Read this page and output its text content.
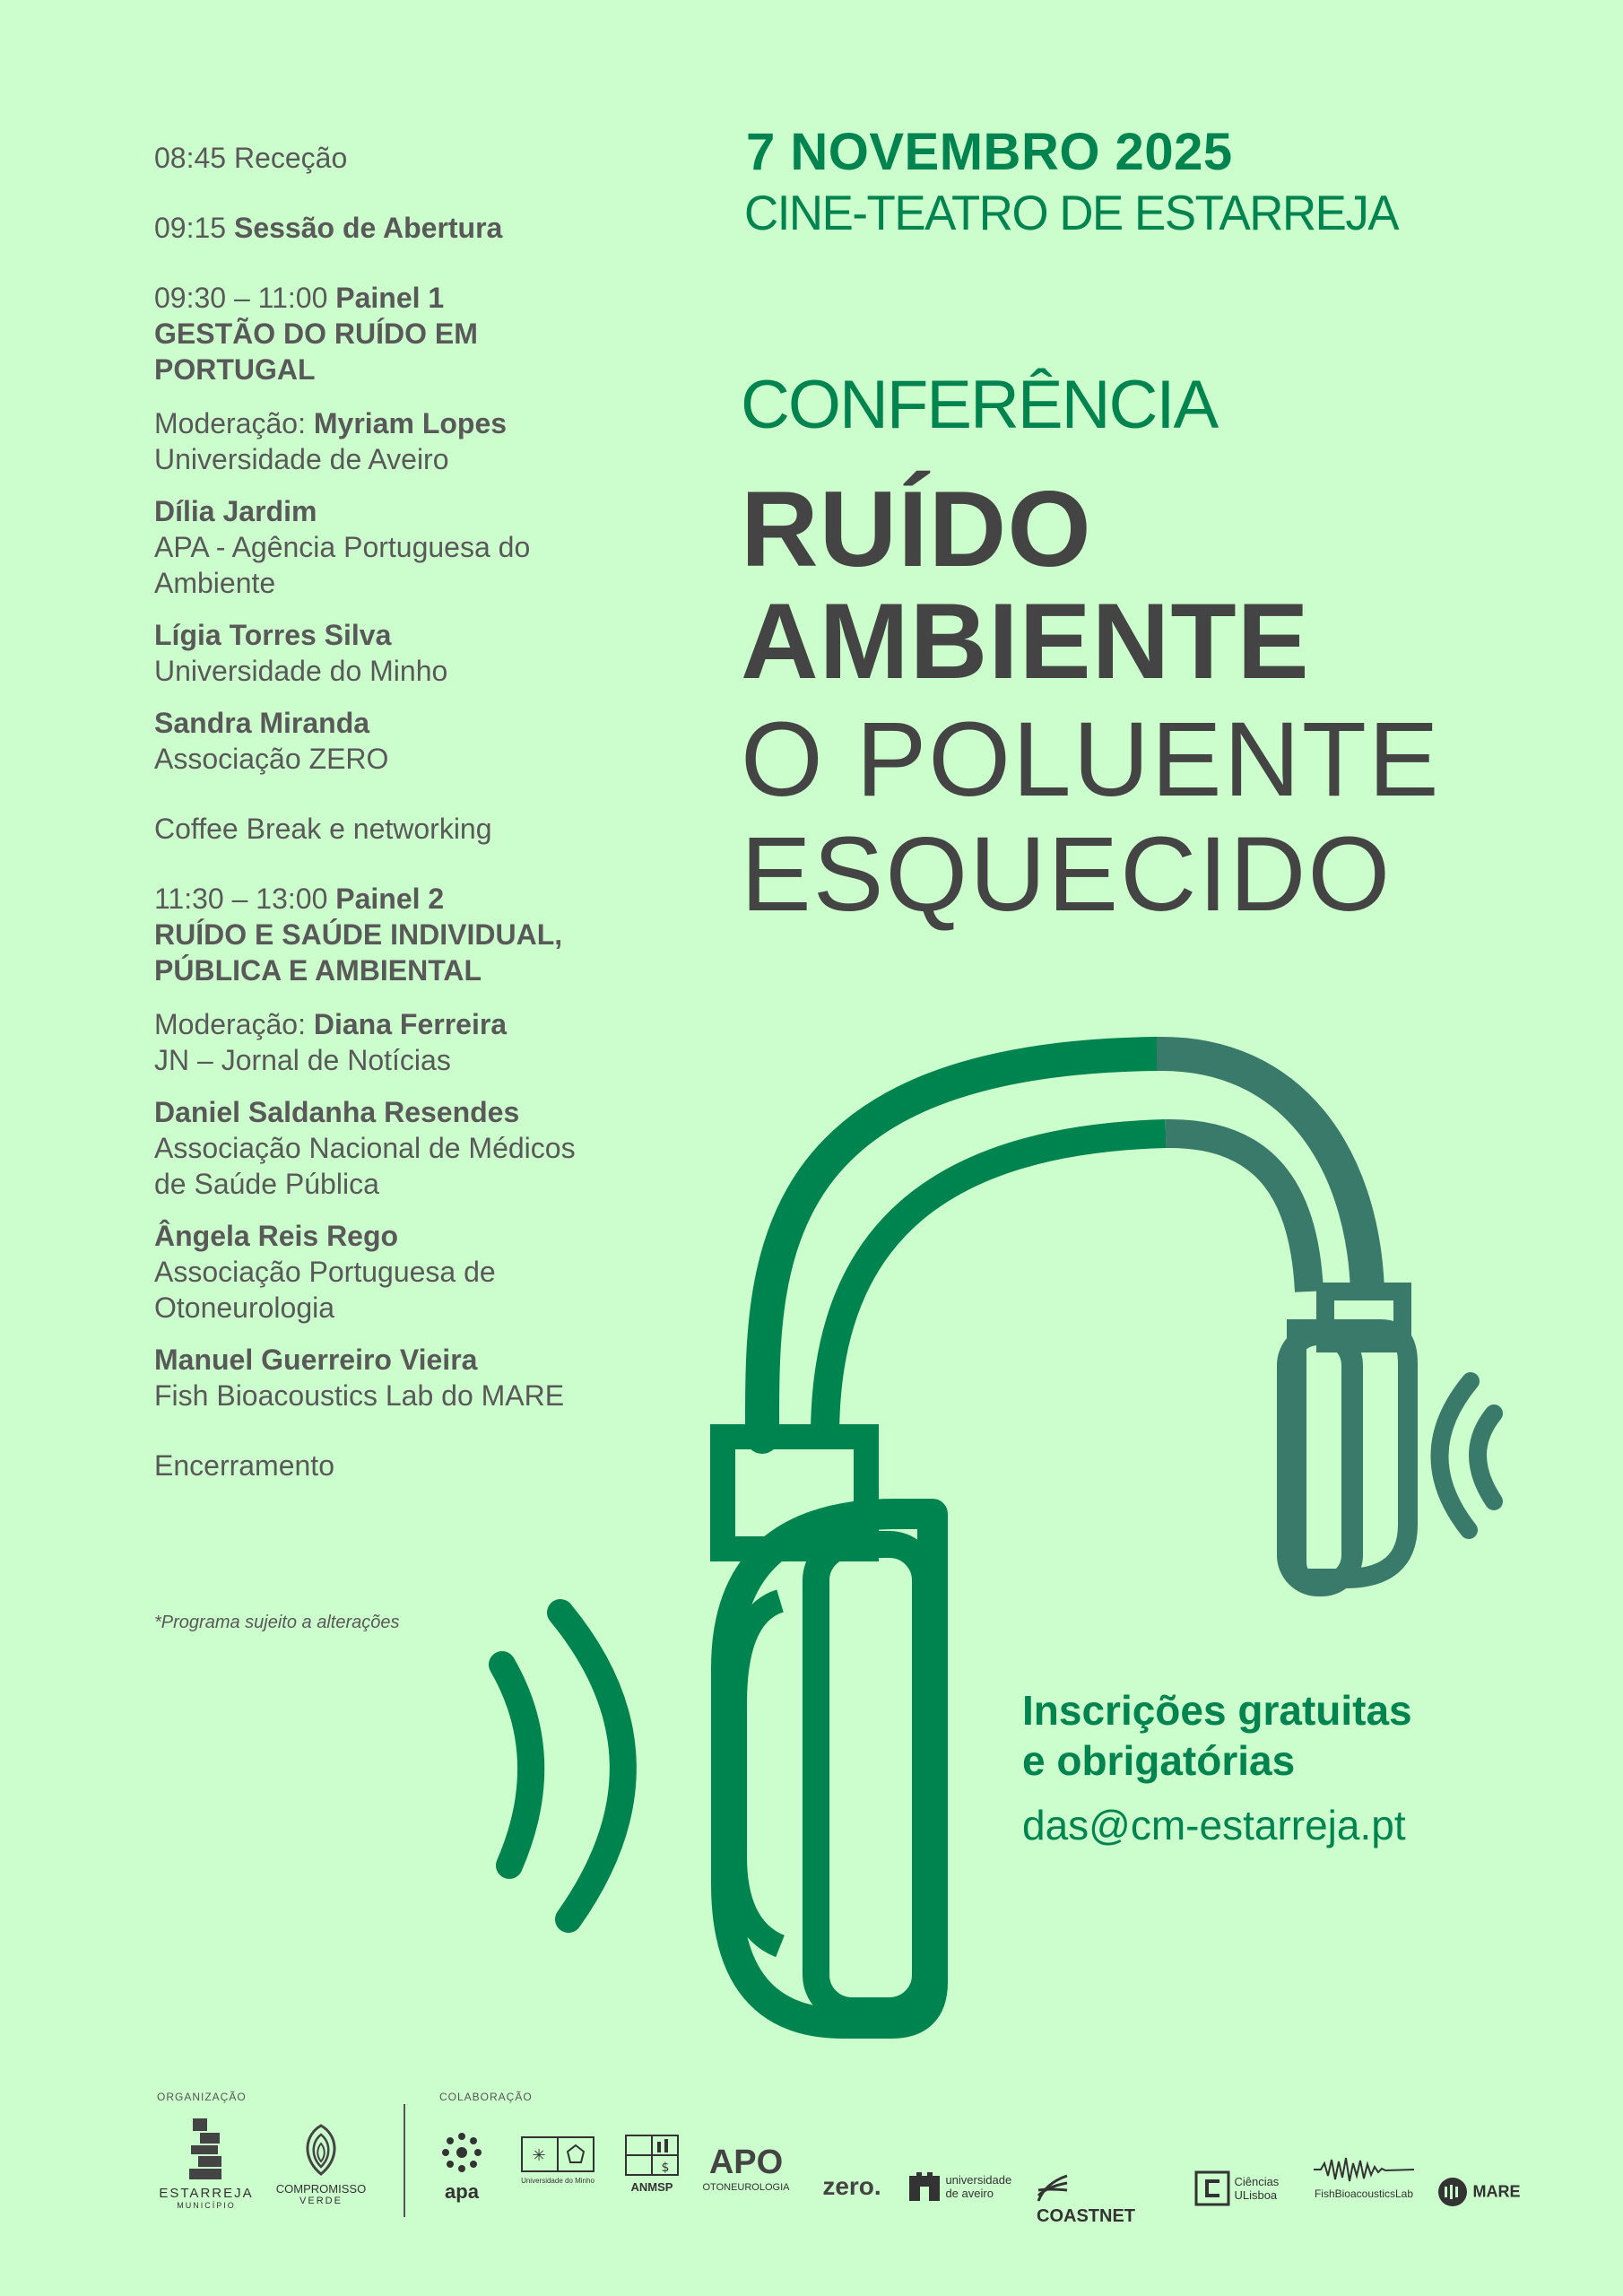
08:45 Receção

09:15 Sessão de Abertura

09:30 – 11:00 Painel 1

GESTÃO DO RUÍDO EM

PORTUGAL

Moderação: Myriam Lopes

Universidade de Aveiro

Dília Jardim

APA - Agência Portuguesa do

Ambiente

Lígia Torres Silva

Universidade do Minho

Sandra Miranda

Associação ZERO

Coffee Break e networking

11:30 – 13:00 Painel 2

RUÍDO E SAÚDE INDIVIDUAL,

PÚBLICA E AMBIENTAL

Moderação: Diana Ferreira

JN – Jornal de Notícias

Daniel Saldanha Resendes

Associação Nacional de Médicos

de Saúde Pública

Ângela Reis Rego

Associação Portuguesa de

Otoneurologia

Manuel Guerreiro Vieira

Fish Bioacoustics Lab do MARE

Encerramento

*Programa sujeito a alterações
7 NOVEMBRO 2025
CINE-TEATRO DE ESTARREJA
CONFERÊNCIA
RUÍDO
AMBIENTE
O POLUENTE
ESQUECIDO
Inscrições gratuitas
e obrigatórias
das@cm-estarreja.pt
ORGANIZAÇÃO	COLABORAÇÃO
ESTARREJA
MUNICÍPIO
COMPROMISSO
VERDE	apa
✳
Universidade do Minho
$
ANMSP
APO
OTONEUROLOGIA zero.
	universidade
de aveiro
COASTNET

Ciências
ULisboa	FishBioacousticsLab	MARE
